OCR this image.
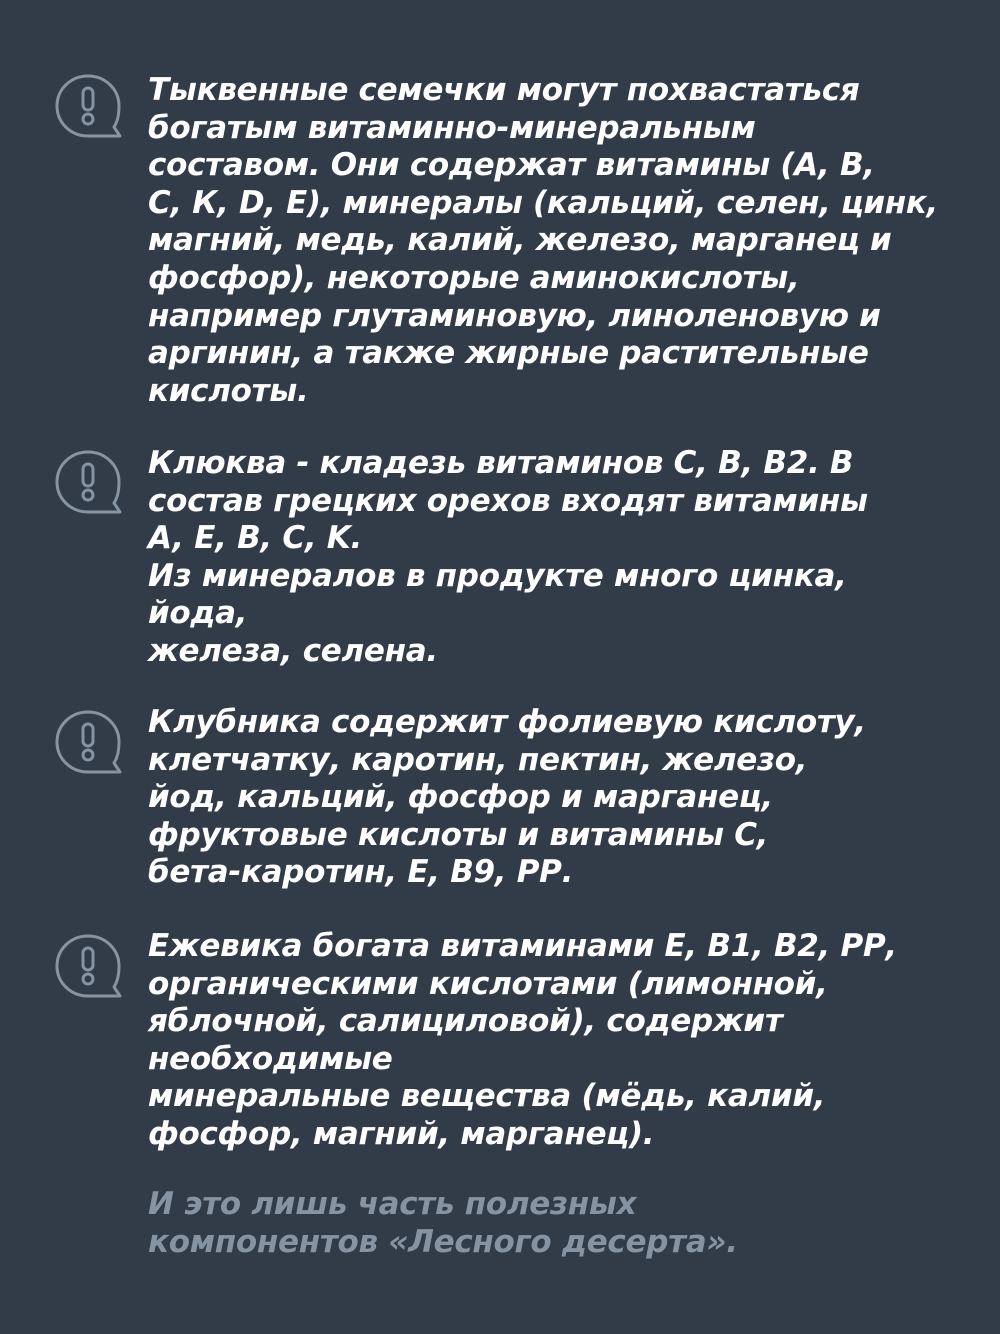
Тыквенные семечки могут похвастаться
богатым витаминно-минеральным
составом. Они содержат витамины (А, В,
С, К, D, Е), минералы (кальций, селен, цинк,
магний, медь, калий, железо, марганец и
фосфор), некоторые аминокислоты,
например глутаминовую, линоленовую и
аргинин, а также жирные растительные
кислоты.
Клюква - кладезь витаминов С, В, В2. В
состав грецких орехов входят витамины
A, E, B, C, K.
Из минералов в продукте много цинка,
йода,
железа, селена.
Клубника содержит фолиевую кислоту,
клетчатку, каротин, пектин, железо,
йод, кальций, фосфор и марганец,
фруктовые кислоты и витамины С,
бета-каротин, Е, В9, РР.
Ежевика богата витаминами Е, В1, В2, РР,
органическими кислотами (лимонной,
яблочной, салициловой), содержит
необходимые
минеральные вещества (мёдь, калий,
фосфор, магний, марганец).
И это лишь часть полезных
компонентов «Лесного десерта».
